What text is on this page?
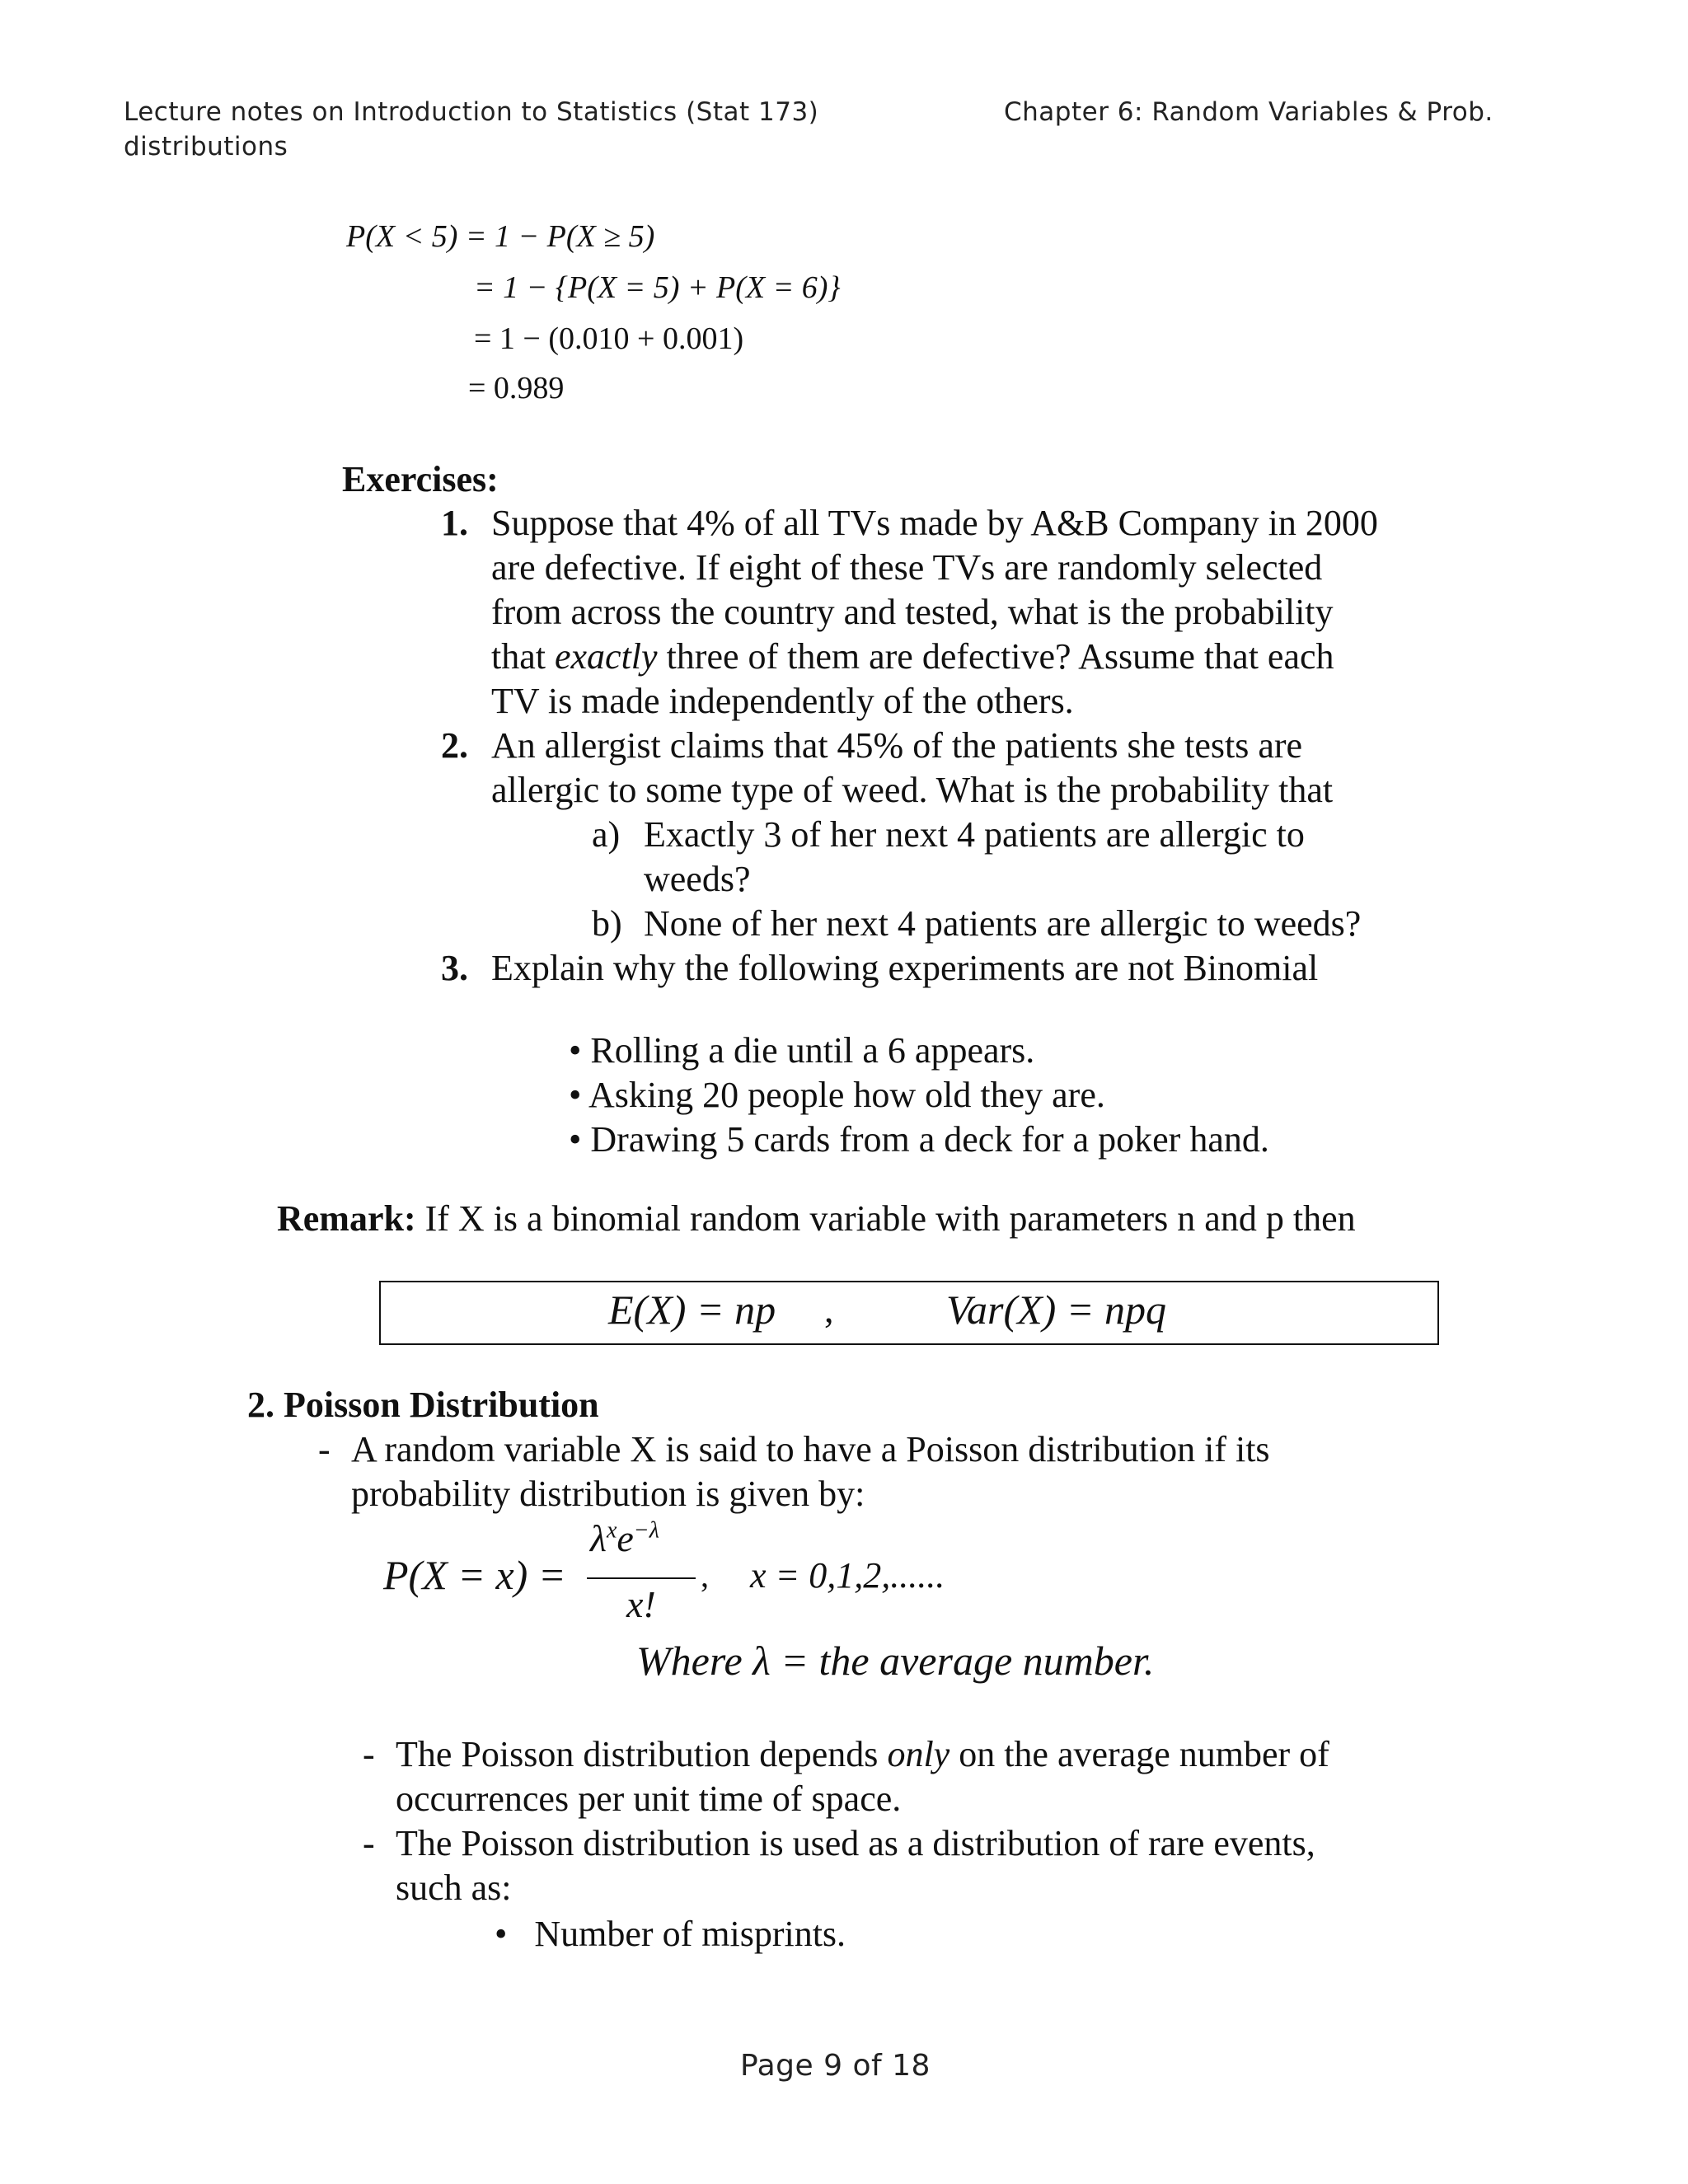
Lecture notes on Introduction to Statistics (Stat 173)
distributions
Chapter 6: Random Variables & Prob.
P(X < 5) = 1 − P(X ≥ 5)
= 1 − {P(X = 5) + P(X = 6)}
= 1 − (0.010 + 0.001)
= 0.989
Exercises:
1. Suppose that 4% of all TVs made by A&B Company in 2000
are defective. If eight of these TVs are randomly selected
from across the country and tested, what is the probability
that exactly three of them are defective? Assume that each
TV is made independently of the others.
2. An allergist claims that 45% of the patients she tests are
allergic to some type of weed. What is the probability that
a) Exactly 3 of her next 4 patients are allergic to
weeds?
b) None of her next 4 patients are allergic to weeds?
3. Explain why the following experiments are not Binomial
• Rolling a die until a 6 appears.
• Asking 20 people how old they are.
• Drawing 5 cards from a deck for a poker hand.
Remark: If X is a binomial random variable with parameters n and p then
E(X) = np ,	Var(X) = npq
2. Poisson Distribution
- A random variable X is said to have a Poisson distribution if its
probability distribution is given by:
P(X = x) =
$\lambda^xe^{-\lambda}$
x!
, x = 0,1,2,......
Where λ = the average number.
- The Poisson distribution depends only on the average number of
occurrences per unit time of space.
- The Poisson distribution is used as a distribution of rare events,
such as:
•   Number of misprints.
Page 9 of 18
